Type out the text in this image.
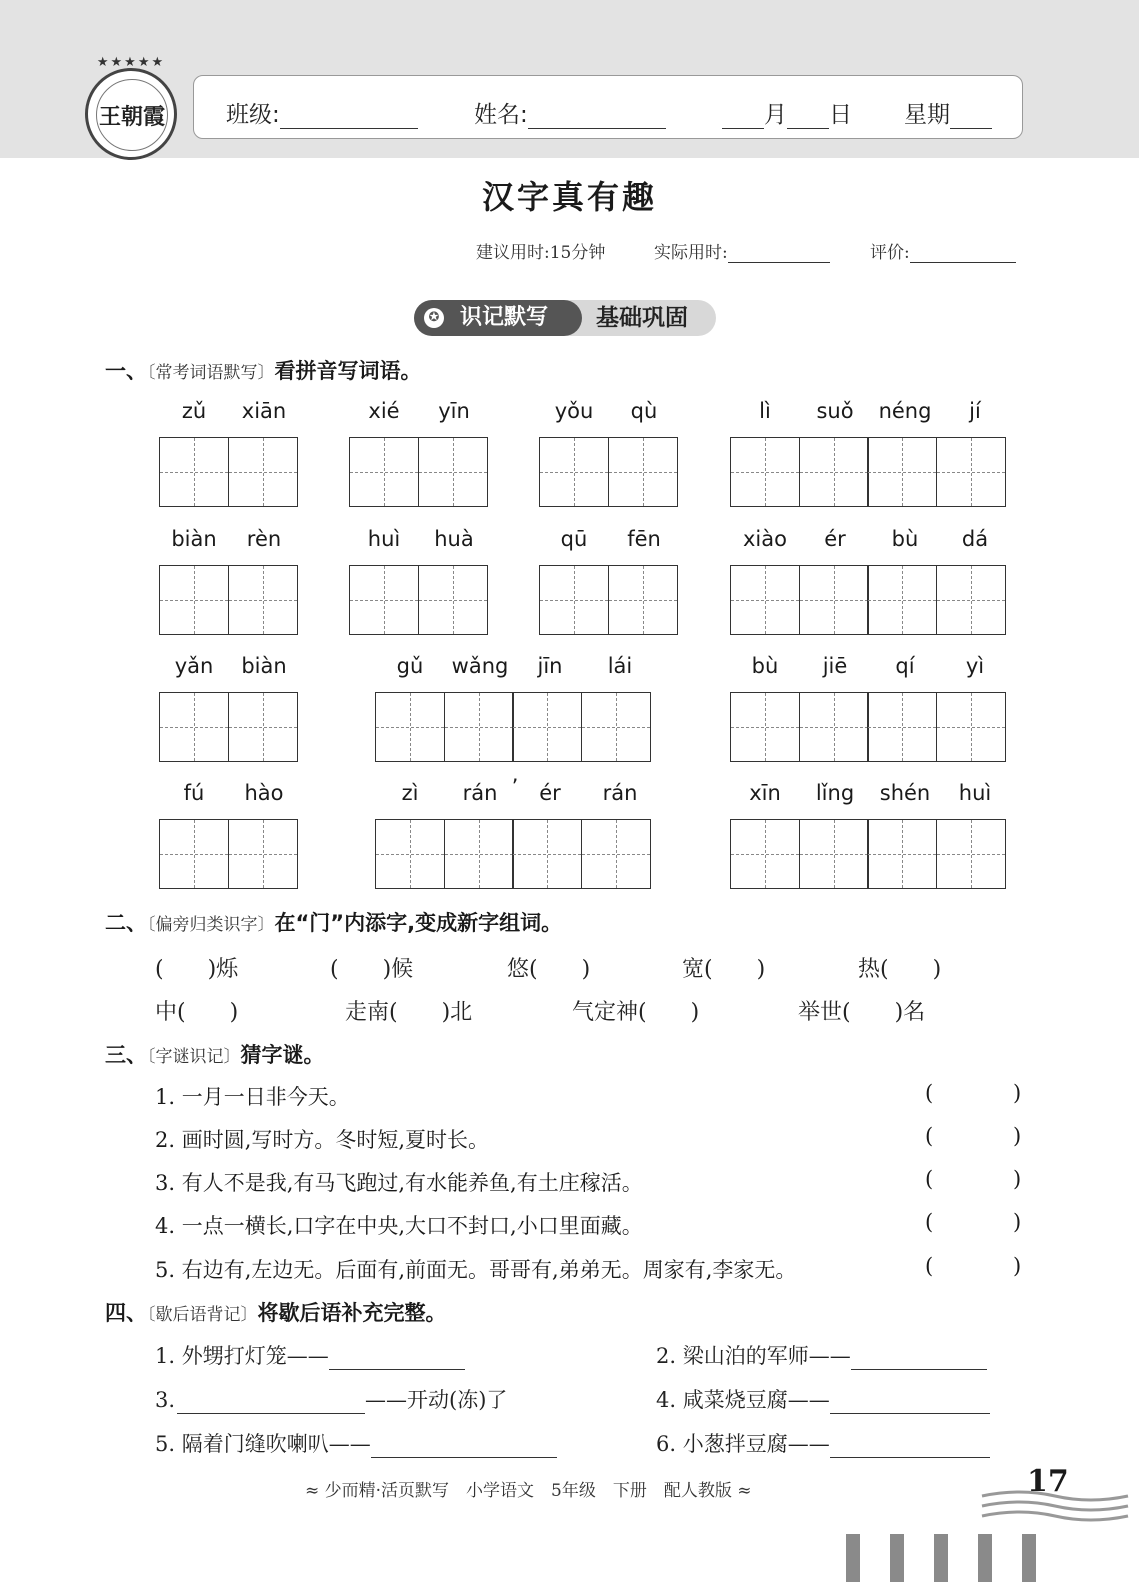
★★★★★
王朝霞	班级:	姓名:	月 日 星期
汉字真有趣
建议用时:15分钟	实际用时:	评价:
✪ 识记默写 基础巩固
一、〔常考词语默写〕看拼音写词语。
zǔ	xiān	xié	yīn	yǒu	qù	lì	suǒ	néng	jí
biàn	rèn	huì	huà	qū	fēn	xiào	ér	bù	dá
yǎn	biàn	gǔ	wǎng	jīn	lái	bù	jiē	qí	yì
fú	hào	zì	rán ’ ér	rán	xīn	lǐng	shén	huì
二、〔偏旁归类识字〕在“门”内添字,变成新字组词。
(　　)烁	(　　)候	悠(　　)	宽(　　)	热(　　)
中(　　)	走南(　　)北	气定神(　　)	举世(　　)名
三、〔字谜识记〕猜字谜。
1. 一月一日非今天。	(	)
2. 画时圆,写时方。冬时短,夏时长。	(	)
3. 有人不是我,有马飞跑过,有水能养鱼,有土庄稼活。	(	)
4. 一点一横长,口字在中央,大口不封口,小口里面藏。	(	)
5. 右边有,左边无。后面有,前面无。哥哥有,弟弟无。周家有,李家无。	(	)
四、〔歇后语背记〕将歇后语补充完整。
1. 外甥打灯笼——	2. 梁山泊的军师——
3.	——开动(冻)了	4. 咸菜烧豆腐——
5. 隔着门缝吹喇叭——	6. 小葱拌豆腐——
≈ 少而精·活页默写　小学语文　5年级　下册　配人教版 ≈	17
